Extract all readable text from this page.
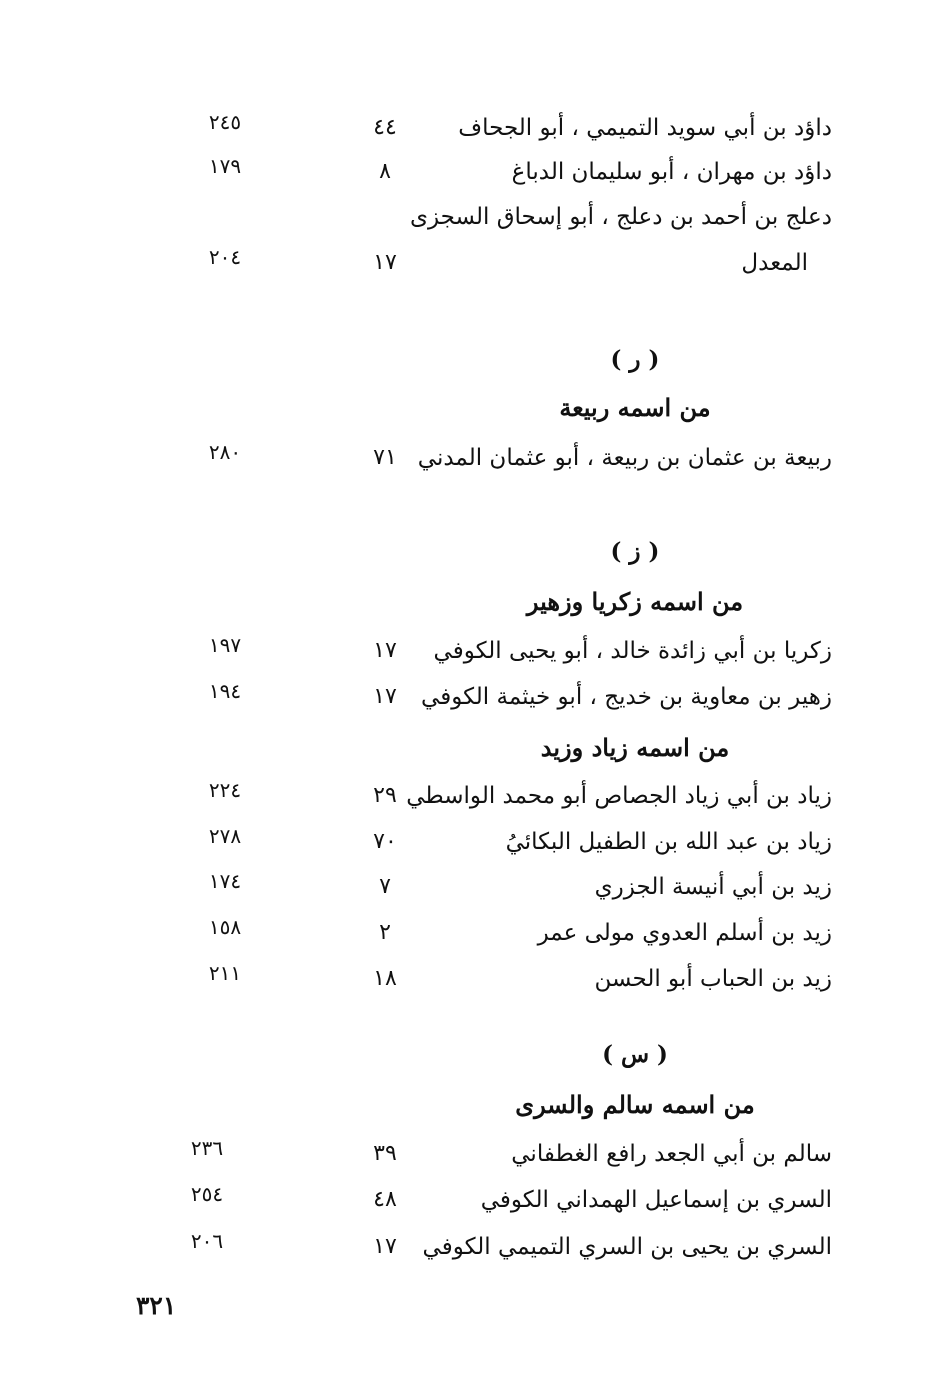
داؤد بن أبي سويد التميمي ، أبو الجحاف
٤٤
٢٤٥
داؤد بن مهران ، أبو سليمان الدباغ
٨
١٧٩
دعلج بن أحمد بن دعلج ، أبو إسحاق السجزى
المعدل
١٧
٢٠٤
( ر )
من اسمه ربيعة
ربيعة بن عثمان بن ربيعة ، أبو عثمان المدني
٧١
٢٨٠
( ز )
من اسمه زكريا وزهير
زكريا بن أبي زائدة خالد ، أبو يحيى الكوفي
١٧
١٩٧
زهير بن معاوية بن خديج ، أبو خيثمة الكوفي
١٧
١٩٤
من اسمه زياد وزيد
زياد بن أبي زياد الجصاص أبو محمد الواسطي
٢٩
٢٢٤
زياد بن عبد الله بن الطفيل البكائيُ
٧٠
٢٧٨
زيد بن أبي أنيسة الجزري
٧
١٧٤
زيد بن أسلم العدوي مولى عمر
٢
١٥٨
زيد بن الحباب أبو الحسن
١٨
٢١١
( س )
من اسمه سالم والسرى
سالم بن أبي الجعد رافع الغطفاني
٣٩
٢٣٦
السري بن إسماعيل الهمداني الكوفي
٤٨
٢٥٤
السري بن يحيى بن السري التميمي الكوفي
١٧
٢٠٦
٣٢١
